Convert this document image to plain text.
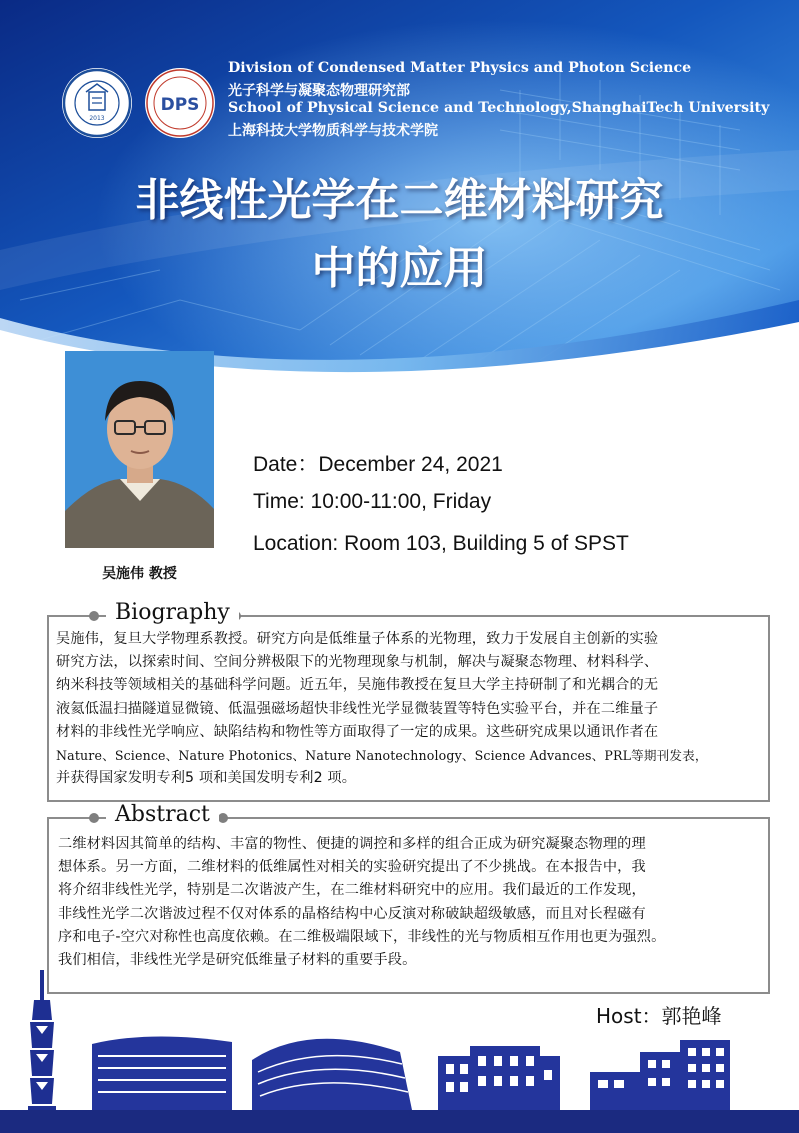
2013
DPS
Division of Condensed Matter Physics and Photon Science
光子科学与凝聚态物理研究部
School of Physical Science and Technology,ShanghaiTech University
上海科技大学物质科学与技术学院
非线性光学在二维材料研究
中的应用
吴施伟 教授
Date：December 24, 2021
Time: 10:00-11:00, Friday
Location: Room 103, Building 5 of SPST
Biography

吴施伟，复旦大学物理系教授。研究方向是低维量子体系的光物理，致力于发展自主创新的实验

研究方法，以探索时间、空间分辨极限下的光物理现象与机制，解决与凝聚态物理、材料科学、

纳米科技等领域相关的基础科学问题。近五年，吴施伟教授在复旦大学主持研制了和光耦合的无

液氦低温扫描隧道显微镜、低温强磁场超快非线性光学显微装置等特色实验平台，并在二维量子

材料的非线性光学响应、缺陷结构和物性等方面取得了一定的成果。这些研究成果以通讯作者在

Nature、Science、Nature Photonics、Nature Nanotechnology、Science Advances、PRL等期刊发表，

并获得国家发明专利5 项和美国发明专利2 项。

Abstract

二维材料因其简单的结构、丰富的物性、便捷的调控和多样的组合正成为研究凝聚态物理的理

想体系。另一方面，二维材料的低维属性对相关的实验研究提出了不少挑战。在本报告中，我

将介绍非线性光学，特别是二次谐波产生，在二维材料研究中的应用。我们最近的工作发现，

非线性光学二次谐波过程不仅对体系的晶格结构中心反演对称破缺超级敏感，而且对长程磁有

序和电子-空穴对称性也高度依赖。在二维极端限域下，非线性的光与物质相互作用也更为强烈。

我们相信，非线性光学是研究低维量子材料的重要手段。

Host：郭艳峰
